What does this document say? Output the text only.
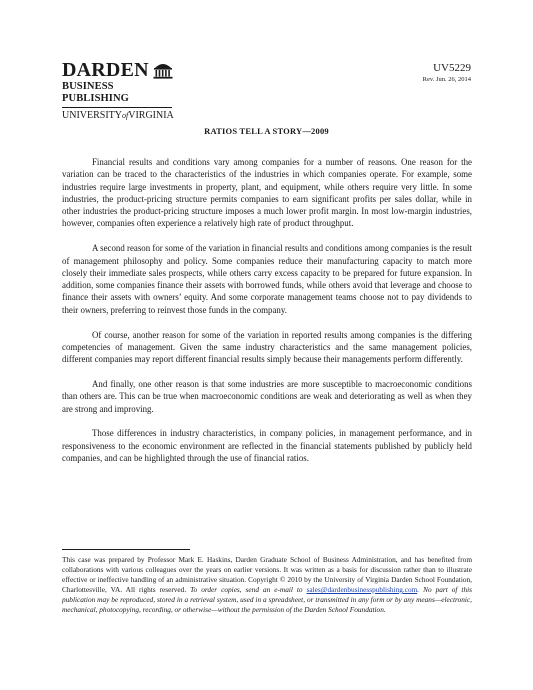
DARDEN
BUSINESS PUBLISHING
UNIVERSITYofVIRGINIA
UV5229
Rev. Jun. 26, 2014
RATIOS TELL A STORY—2009

Financial results and conditions vary among companies for a number of reasons. One reason for the variation can be traced to the characteristics of the industries in which companies operate. For example, some industries require large investments in property, plant, and equipment, while others require very little. In some industries, the product-pricing structure permits companies to earn significant profits per sales dollar, while in other industries the product-pricing structure imposes a much lower profit margin. In most low-margin industries, however, companies often experience a relatively high rate of product throughput.

A second reason for some of the variation in financial results and conditions among companies is the result of management philosophy and policy. Some companies reduce their manufacturing capacity to match more closely their immediate sales prospects, while others carry excess capacity to be prepared for future expansion. In addition, some companies finance their assets with borrowed funds, while others avoid that leverage and choose to finance their assets with owners’ equity. And some corporate management teams choose not to pay dividends to their owners, preferring to reinvest those funds in the company.

Of course, another reason for some of the variation in reported results among companies is the differing competencies of management. Given the same industry characteristics and the same management policies, different companies may report different financial results simply because their managements perform differently.

And finally, one other reason is that some industries are more susceptible to macroeconomic conditions than others are. This can be true when macroeconomic conditions are weak and deteriorating as well as when they are strong and improving.

Those differences in industry characteristics, in company policies, in management performance, and in responsiveness to the economic environment are reflected in the financial statements published by publicly held companies, and can be highlighted through the use of financial ratios.

This case was prepared by Professor Mark E. Haskins, Darden Graduate School of Business Administration, and has benefited from collaborations with various colleagues over the years on earlier versions. It was written as a basis for discussion rather than to illustrate effective or ineffective handling of an administrative situation. Copyright © 2010 by the University of Virginia Darden School Foundation, Charlottesville, VA. All rights reserved. To order copies, send an e-mail to sales@dardenbusinesspublishing.com. No part of this publication may be reproduced, stored in a retrieval system, used in a spreadsheet, or transmitted in any form or by any means—electronic, mechanical, photocopying, recording, or otherwise—without the permission of the Darden School Foundation.
